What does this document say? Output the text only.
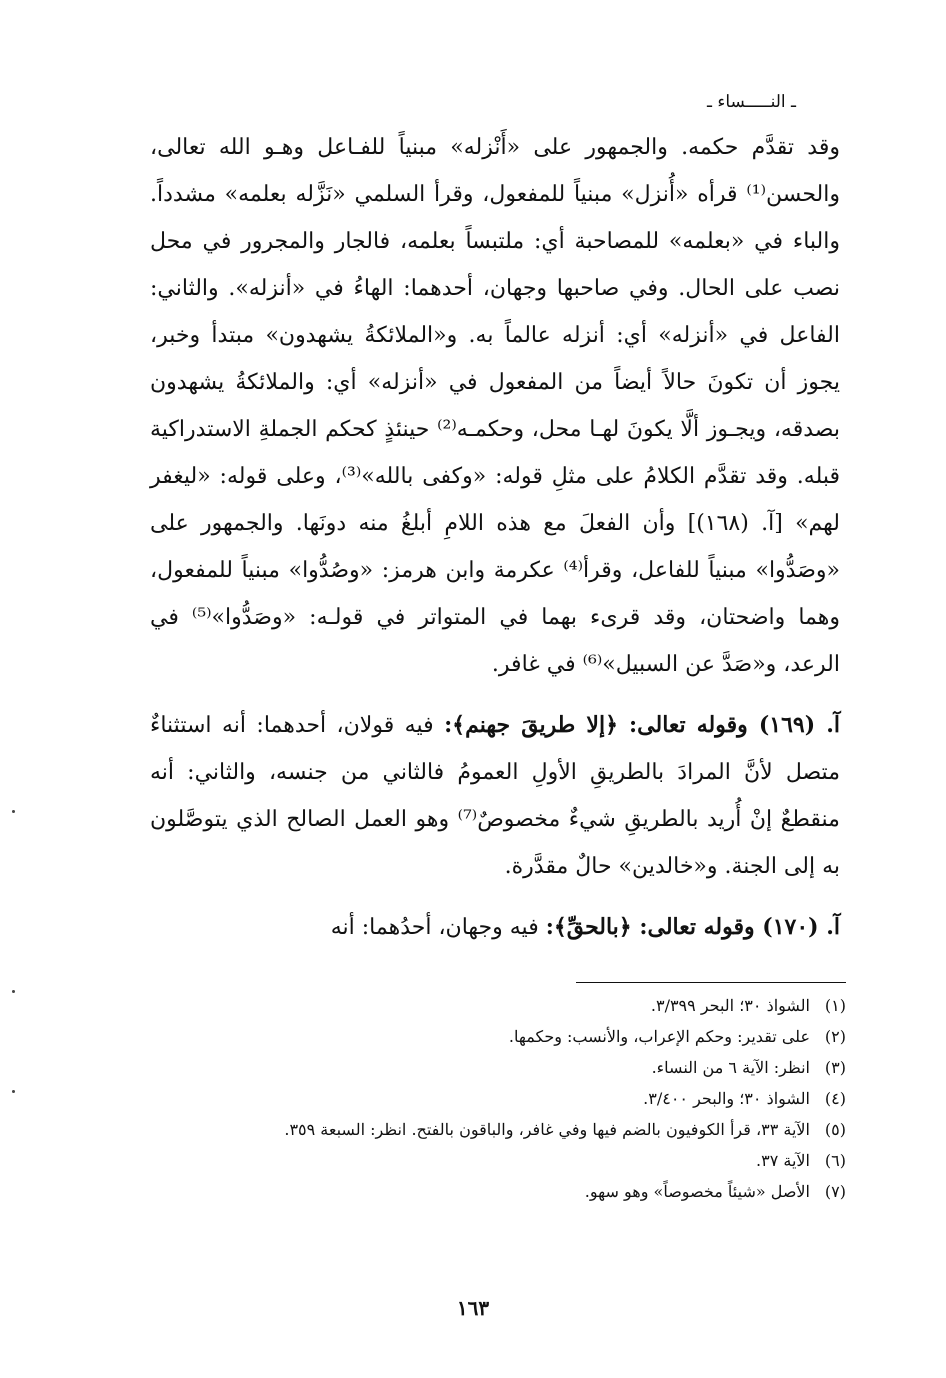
ـ النـــــساء ـ

وقد تقدَّم حكمه. والجمهور على «أَنْزله» مبنياً للفـاعل وهـو الله تعالى، والحسن⁽¹⁾ قرأه «أُنزل» مبنياً للمفعول، وقرأ السلمي «نَزَّله بعلمه» مشدداً. والباء في «بعلمه» للمصاحبة أي: ملتبساً بعلمه، فالجار والمجرور في محل نصب على الحال. وفي صاحبها وجهان، أحدهما: الهاءُ في «أنزله». والثاني: الفاعل في «أنزله» أي: أنزله عالماً به. و«الملائكةُ يشهدون» مبتدأ وخبر، يجوز أن تكونَ حالاً أيضاً من المفعول في «أنزله» أي: والملائكةُ يشهدون بصدقه، ويجـوز ألَّا يكونَ لهـا محل، وحكمـه⁽²⁾ حينئذٍ كحكم الجملةِ الاستدراكية قبله. وقد تقدَّم الكلامُ على مثلِ قوله: «وكفى بالله»⁽³⁾، وعلى قوله: «ليغفر لهم» [آ. (١٦٨)] وأن الفعلَ مع هذه اللامِ أبلغُ منه دونَها. والجمهور على «وصَدُّوا» مبنياً للفاعل، وقرأ⁽⁴⁾ عكرمة وابن هرمز: «وصُدُّوا» مبنياً للمفعول، وهما واضحتان، وقد قرىء بهما في المتواتر في قولـه: «وصَدُّوا»⁽⁵⁾ في الرعد، و«صَدَّ عن السبيل»⁽⁶⁾ في غافر.

آ. (١٦٩) وقوله تعالى: ﴿إلا طريقَ جهنم﴾: فيه قولان، أحدهما: أنه استثناءٌ متصل لأنَّ المرادَ بالطريقِ الأولِ العمومُ فالثاني من جنسه، والثاني: أنه منقطعٌ إنْ أُريد بالطريقِ شيءٌ مخصوصٌ⁽⁷⁾ وهو العمل الصالح الذي يتوصَّلون به إلى الجنة. و«خالدين» حالٌ مقدَّرة.

آ. (١٧٠) وقوله تعالى: ﴿بالحقِّ﴾: فيه وجهان، أحدُهما: أنه

(١)
الشواذ ٣٠؛ البحر ٣/٣٩٩.
(٢)
على تقدير: وحكم الإعراب، والأنسب: وحكمها.
(٣)
انظر: الآية ٦ من النساء.
(٤)
الشواذ ٣٠؛ والبحر ٣/٤٠٠.
(٥)
الآية ٣٣، قرأ الكوفيون بالضم فيها وفي غافر، والباقون بالفتح. انظر: السبعة ٣٥٩.
(٦)
الآية ٣٧.
(٧)
الأصل «شيئاً مخصوصاً» وهو سهو.
١٦٣
